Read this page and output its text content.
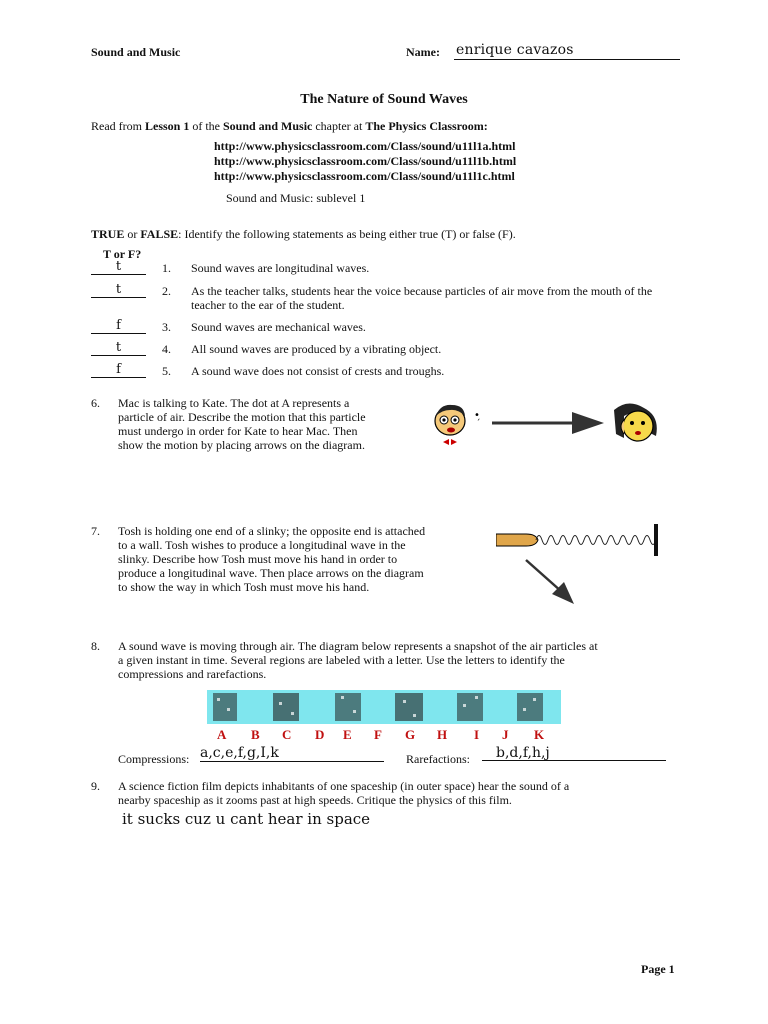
Sound and Music	Name: enrique cavazos
The Nature of Sound Waves
Read from Lesson 1 of the Sound and Music chapter at The Physics Classroom:
http://www.physicsclassroom.com/Class/sound/u11l1a.html
http://www.physicsclassroom.com/Class/sound/u11l1b.html
http://www.physicsclassroom.com/Class/sound/u11l1c.html
Sound and Music: sublevel 1
TRUE or FALSE: Identify the following statements as being either true (T) or false (F).
T or F?
t	1. Sound waves are longitudinal waves.
t	2. As the teacher talks, students hear the voice because particles of air move from the mouth of the teacher to the ear of the student.
f	3. Sound waves are mechanical waves.
t	4. All sound waves are produced by a vibrating object.
f	5. A sound wave does not consist of crests and troughs.
6. Mac is talking to Kate. The dot at A represents a
particle of air. Describe the motion that this particle
must undergo in order for Kate to hear Mac. Then
show the motion by placing arrows on the diagram.
•
´
7. Tosh is holding one end of a slinky; the opposite end is attached
to a wall. Tosh wishes to produce a longitudinal wave in the
slinky. Describe how Tosh must move his hand in order to
produce a longitudinal wave. Then place arrows on the diagram
to show the way in which Tosh must move his hand.
8. A sound wave is moving through air. The diagram below represents a snapshot of the air particles at
a given instant in time. Several regions are labeled with a letter. Use the letters to identify the
compressions and rarefactions.
A B C D E F G H I J K
Compressions: a,c,e,f,g,I,k	Rarefactions:	b,d,f,h,j
9. A science fiction film depicts inhabitants of one spaceship (in outer space) hear the sound of a
nearby spaceship as it zooms past at high speeds. Critique the physics of this film.
it sucks cuz u cant hear in space
Page 1
